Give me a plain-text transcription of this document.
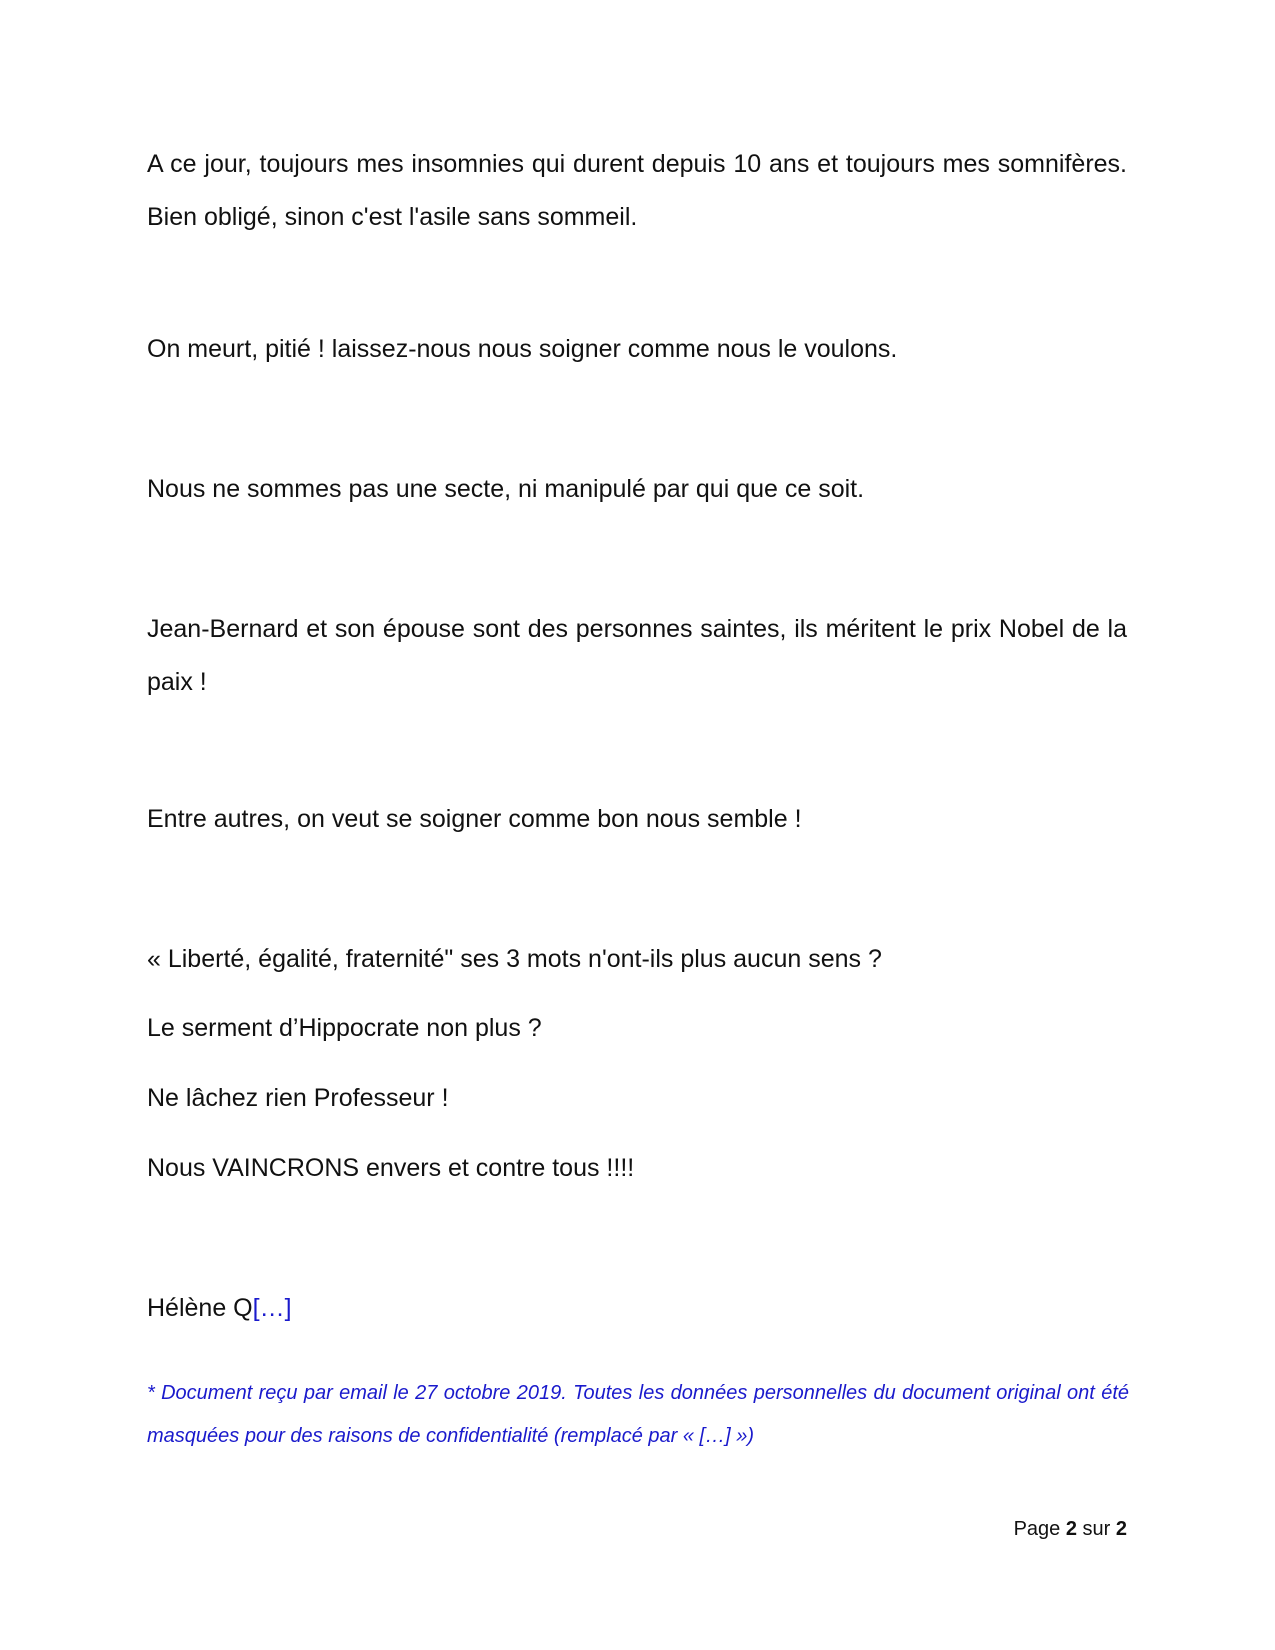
A ce jour, toujours mes insomnies qui durent depuis 10 ans et toujours mes somnifères. Bien obligé, sinon c'est l'asile sans sommeil.

On meurt, pitié ! laissez-nous nous soigner comme nous le voulons.

Nous ne sommes pas une secte, ni manipulé par qui que ce soit.

Jean-Bernard et son épouse sont des personnes saintes, ils méritent le prix Nobel de la paix !

Entre autres, on veut se soigner comme bon nous semble !

« Liberté, égalité, fraternité" ses 3 mots n'ont-ils plus aucun sens ?

Le serment d’Hippocrate non plus ?

Ne lâchez rien Professeur !

Nous VAINCRONS envers et contre tous !!!!

Hélène Q[…]

* Document reçu par email le 27 octobre 2019. Toutes les données personnelles du document original ont été masquées pour des raisons de confidentialité (remplacé par « […] »)

Page 2 sur 2
